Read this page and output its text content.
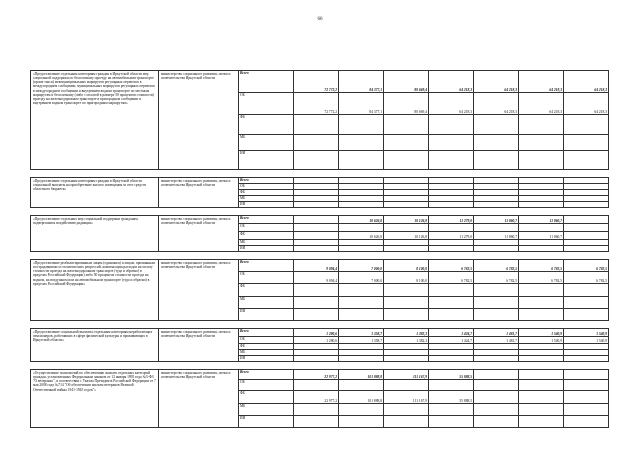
66
«Предоставление отдельным категориям граждан в Иркутской области мер социальной поддержки по бесплатному проезду на автомобильном транспорте (кроме такси) межмуниципальных маршрутов регулярных перевозок в междугороднем сообщении, муниципальных маршрутов регулярных перевозок в междугороднем сообщении и внутреннем водном транспорте по местным маршрутам и бесплатному (либо с оплатой в размере 50 процентов стоимости) проезду на железнодорожном транспорте в пригородном сообщении и внутреннем водном транспорте по пригородным маршрутам»	министерство социального развития, опеки и попечительства Иркутской области	Всего	72 772,2	84 377,1	80 669,4	64 218,3	64 218,3	64 218,3	64 218,3
		ОБ	72 772,2	84 377,1	80 669,4	64 218,3	64 218,3	64 218,3	64 218,3
		ФБ							
		МБ							
		ИИ							

«Предоставление отдельным категориям граждан в Иркутской области социальной выплаты на приобретение жилого помещения за счет средств областного бюджета»	министерство социального развития, опеки и попечительства Иркутской области	Всего							
		ОБ							
		ФБ							
		МБ							
		ИИ							

«Предоставление отдельных мер социальной поддержки гражданам, подвергшимся воздействию радиации»	министерство социального развития, опеки и попечительства Иркутской области	Всего		10 626,8	10 126,8	11 279,0	11 860,7	11 860,7	
		ОБ							
		ФБ		10 626,8	10 126,8	11 279,0	11 860,7	11 860,7	
		МБ							
		ИИ							

«Предоставление реабилитированным лицам (одиноким) и лицам, признанным пострадавшими от политических репрессий, компенсации расходов на оплату стоимости проезда на железнодорожном транспорте (туда и обратно) в пределах Российской Федерации) либо 50 процентов стоимости проезда на водном, на воздушном или на автомобильном транспорте (туда и обратно) в пределах Российской Федерации»	министерство социального развития, опеки и попечительства Иркутской области	Всего	9 094,4	7 000,0	8 100,0	6 782,5	6 782,5	6 782,5	6 782,5
		ОБ	9 094,4	7 000,0	8 100,0	6 782,5	6 782,5	6 782,5	6 782,5
		ФБ							
		МБ							
		ИИ							

«Предоставление социальной выплаты отдельным категориям неработающих пенсионеров, работавших в сфере физической культуры и проживающих в Иркутской области»	министерство социального развития, опеки и попечительства Иркутской области	Всего	1 280,6	1 358,7	1 382,3	1 424,7	1 481,7	1 540,9	1 540,9
		ОБ	1 280,6	1 358,7	1 382,3	1 424,7	1 481,7	1 540,9	1 540,9
		ФБ							
		МБ							
		ИИ							

«Осуществление полномочий по обеспечению жильем отдельных категорий граждан, установленных Федеральным законом от 12 января 1995 года №5-ФЗ "О ветеранах", в соответствии с Указом Президента Российской Федерации от 7 мая 2008 года №714 "Об обеспечении жильем ветеранов Великой Отечественной войны 1941-1945 годов"»	министерство социального развития, опеки и попечительства Иркутской области	Всего	22 977,2	101 888,8	111 167,9	55 888,5			
		ОБ							
		ФБ	22 977,2	101 888,8	111 167,9	55 888,5			
		МБ							
		ИИ							
